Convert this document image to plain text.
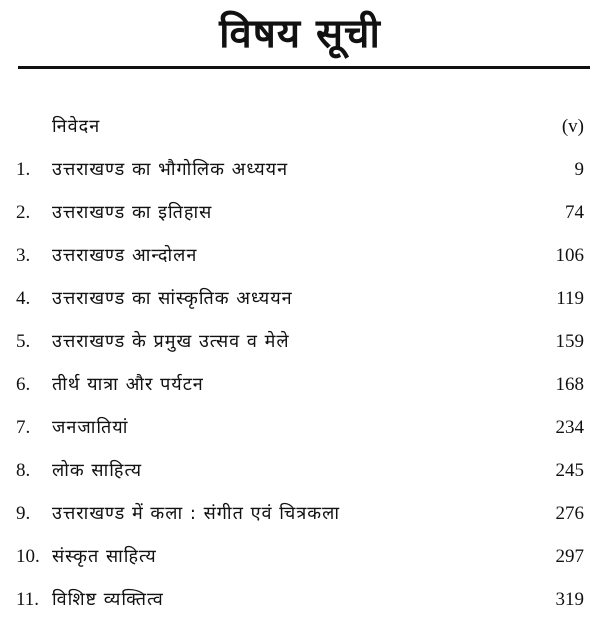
विषय सूची
निवेदन	(v)
1. उत्तराखण्ड का भौगोलिक अध्ययन	9
2. उत्तराखण्ड का इतिहास	74
3. उत्तराखण्ड आन्दोलन	106
4. उत्तराखण्ड का सांस्कृतिक अध्ययन	119
5. उत्तराखण्ड के प्रमुख उत्सव व मेले	159
6. तीर्थ यात्रा और पर्यटन	168
7. जनजातियां	234
8. लोक साहित्य	245
9. उत्तराखण्ड में कला : संगीत एवं चित्रकला	276
10. संस्कृत साहित्य	297
11. विशिष्ट व्यक्तित्व	319
